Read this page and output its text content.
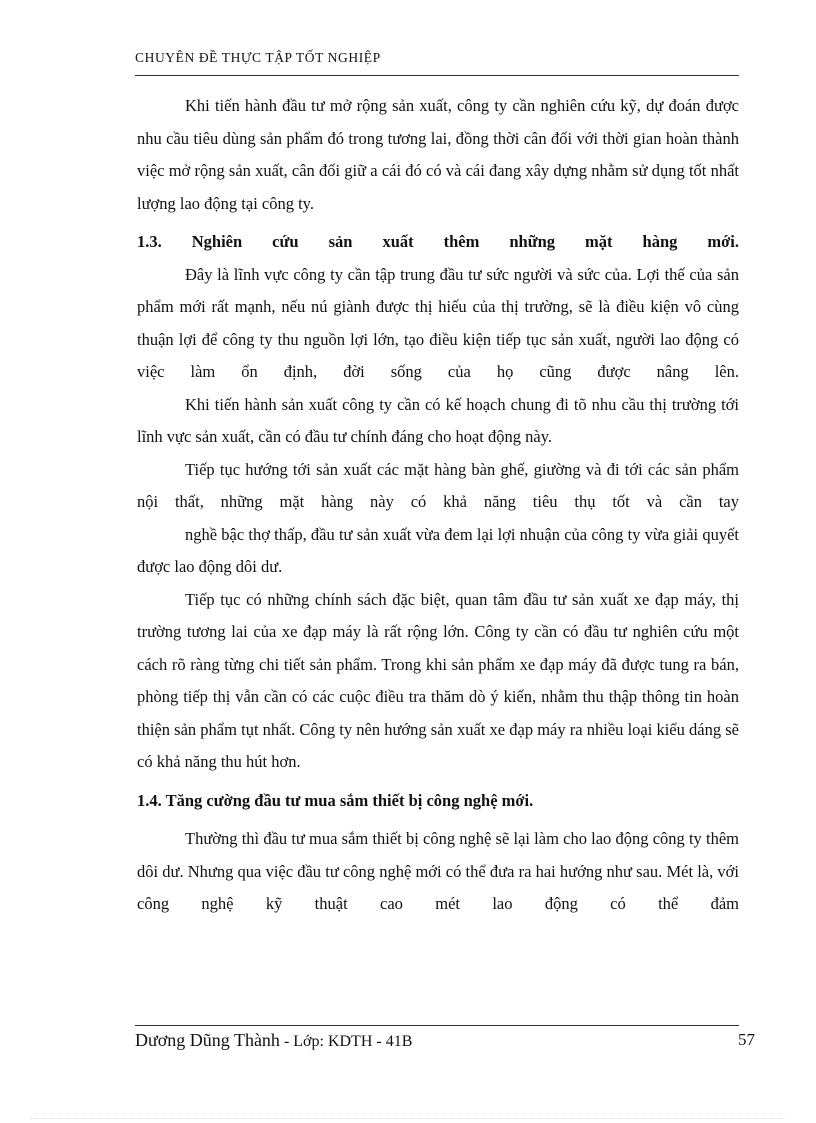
CHUYÊN ĐỀ THỰC TẬP TỐT NGHIỆP

Khi tiến hành đầu tư mở rộng sản xuất, công ty cần nghiên cứu kỹ, dự đoán được nhu cầu tiêu dùng sản phẩm đó trong tương lai, đồng thời cân đối với thời gian hoàn thành việc mở rộng sản xuất, cân đối giữ a cái đó có và cái đang xây dựng nhằm sử dụng tốt nhất lượng lao động tại công ty.

1.3. Nghiên cứu sản xuất thêm những mặt hàng mới.

Đây là lĩnh vực công ty cần tập trung đầu tư sức người và sức của. Lợi thế của sản phẩm mới rất mạnh, nếu nú giành được thị hiếu của thị trường, sẽ là điều kiện vô cùng thuận lợi để công ty thu nguồn lợi lớn, tạo điều kiện tiếp tục sản xuất, người lao động có việc làm ổn định, đời sống của họ cũng được nâng lên.

Khi tiến hành sản xuất công ty cần có kế hoạch chung đi tõ nhu cầu thị trường tới lĩnh vực sản xuất, cần có đầu tư chính đáng cho hoạt động này.

Tiếp tục hướng tới sản xuất các mặt hàng bàn ghế, giường và đi tới các sản phẩm nội thất, những mặt hàng này có khả năng tiêu thụ tốt và cần tay

nghề bậc thợ thấp, đầu tư sản xuất vừa đem lại lợi nhuận của công ty vừa giải quyết được lao động dôi dư.

Tiếp tục có những chính sách đặc biệt, quan tâm đầu tư sản xuất xe đạp máy, thị trường tương lai của xe đạp máy là rất rộng lớn. Công ty cần có đầu tư nghiên cứu một cách rõ ràng từng chi tiết sản phẩm. Trong khi sản phẩm xe đạp máy đã được tung ra bán, phòng tiếp thị vẫn cần có các cuộc điều tra thăm dò ý kiến, nhằm thu thập thông tin hoàn thiện sản phẩm tụt nhất. Công ty nên hướng sản xuất xe đạp máy ra nhiều loại kiểu dáng sẽ có khả năng thu hút hơn.

1.4. Tăng cường đầu tư mua sắm thiết bị công nghệ mới.

Thường thì đầu tư mua sắm thiết bị công nghệ sẽ lại làm cho lao động công ty thêm dôi dư. Nhưng qua việc đầu tư công nghệ mới có thể đưa ra hai hướng như sau. Mét là, với công nghệ kỹ thuật cao mét lao động có thể đảm

Dương Dũng Thành - Lớp: KDTH - 41B	57
